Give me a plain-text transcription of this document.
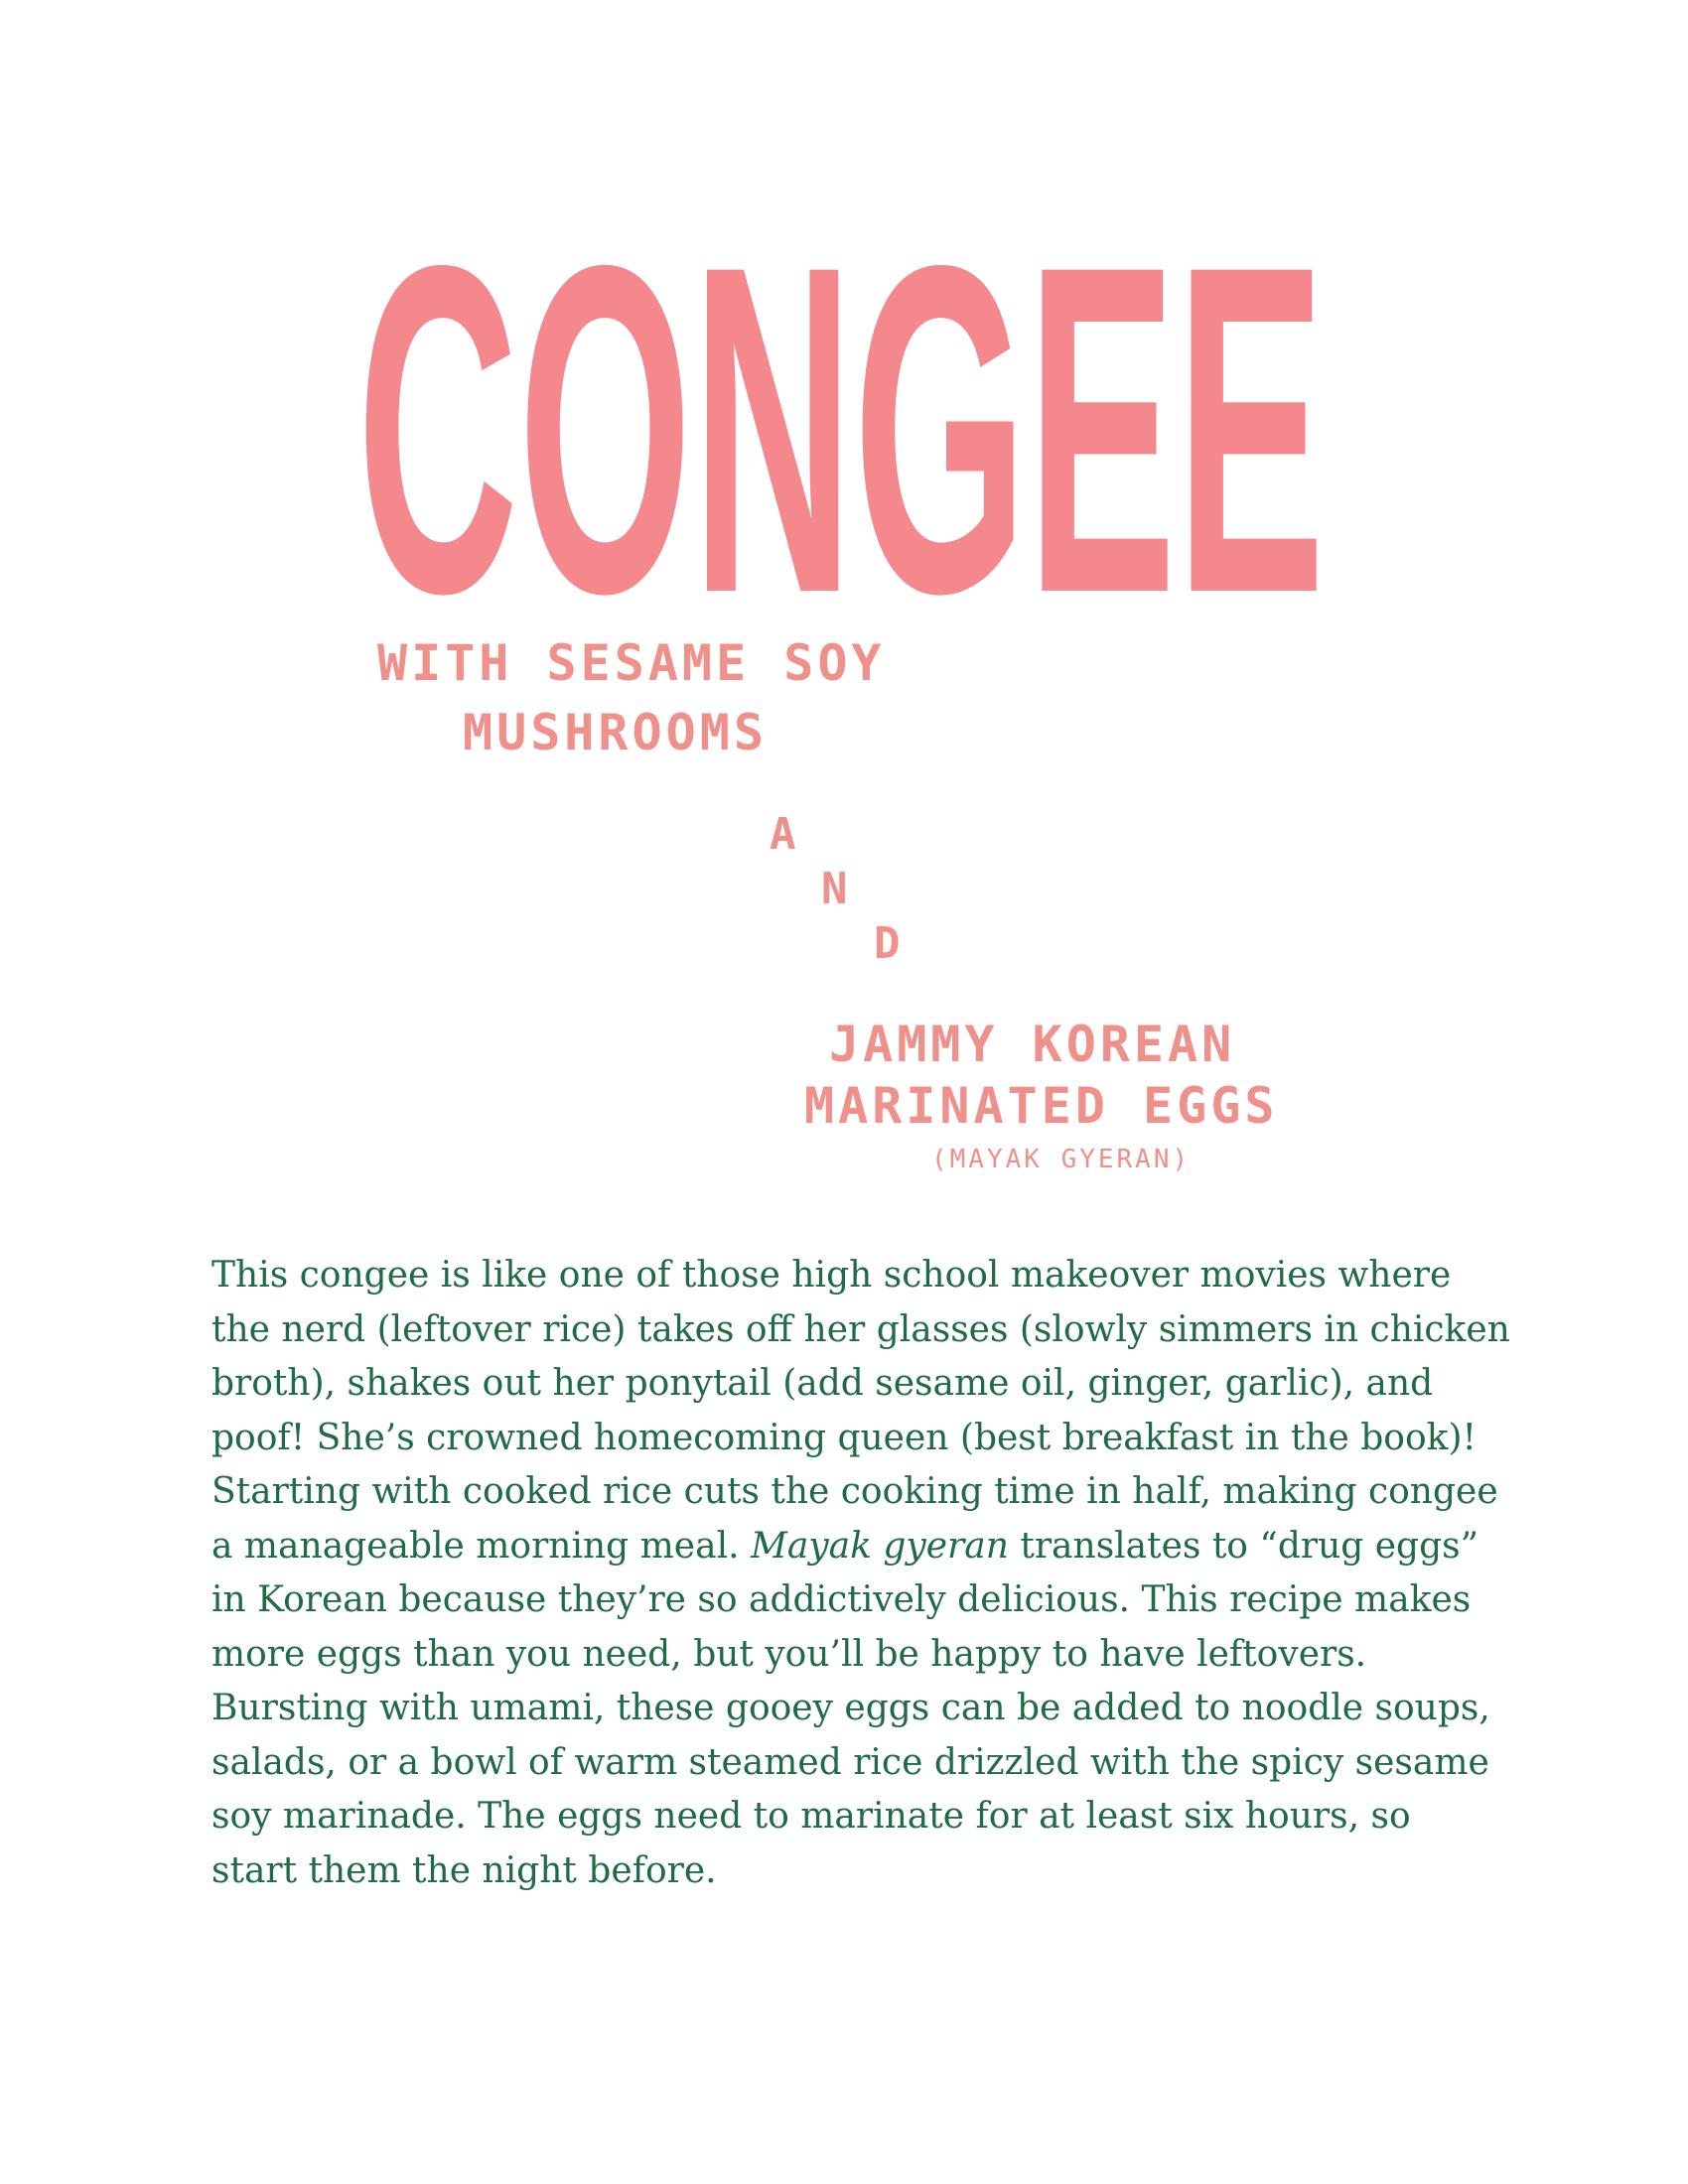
CONGEE
WITH SESAME SOY
MUSHROOMS
A
N
D
JAMMY KOREAN
MARINATED EGGS
(MAYAK GYERAN)
This congee is like one of those high school makeover movies where
the nerd (leftover rice) takes off her glasses (slowly simmers in chicken
broth), shakes out her ponytail (add sesame oil, ginger, garlic), and
poof! She’s crowned homecoming queen (best breakfast in the book)!
Starting with cooked rice cuts the cooking time in half, making congee
a manageable morning meal. Mayak gyeran translates to “drug eggs”
in Korean because they’re so addictively delicious. This recipe makes
more eggs than you need, but you’ll be happy to have leftovers.
Bursting with umami, these gooey eggs can be added to noodle soups,
salads, or a bowl of warm steamed rice drizzled with the spicy sesame
soy marinade. The eggs need to marinate for at least six hours, so
start them the night before.
